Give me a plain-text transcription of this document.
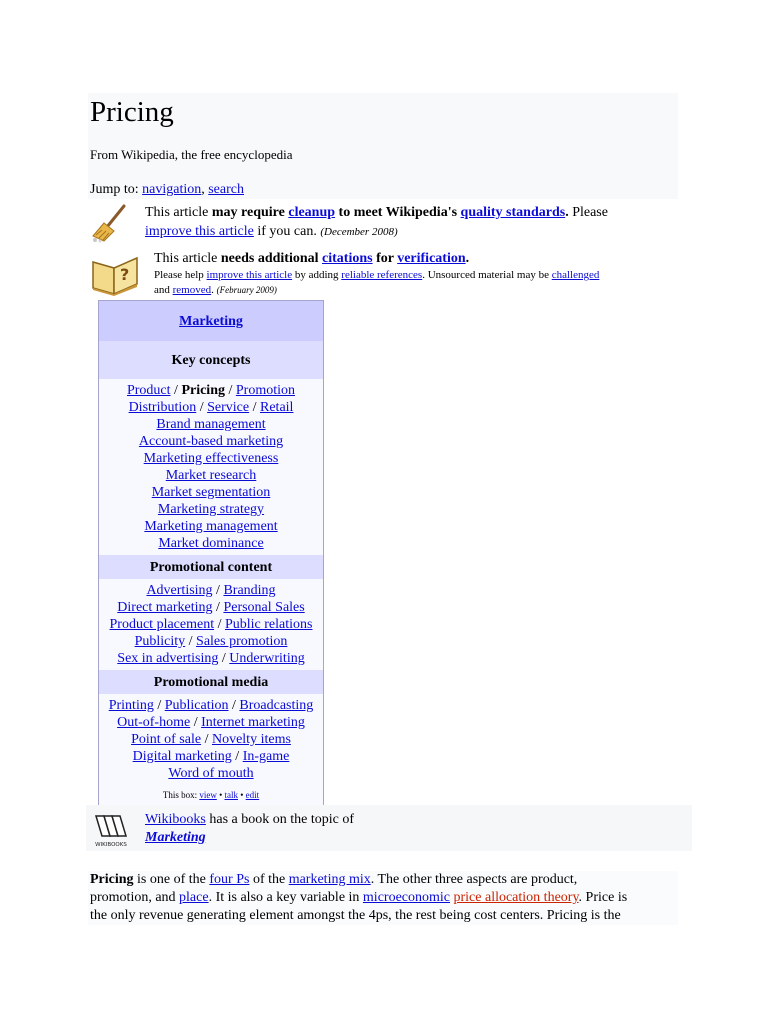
Pricing
From Wikipedia, the free encyclopedia
Jump to: navigation, search
This article may require cleanup to meet Wikipedia's quality standards. Please
improve this article if you can. (December 2008)
?
This article needs additional citations for verification.
Please help improve this article by adding reliable references. Unsourced material may be challenged
and removed. (February 2009)
Marketing
Key concepts
Product / Pricing / Promotion
Distribution / Service / Retail
Brand management
Account-based marketing
Marketing effectiveness
Market research
Market segmentation
Marketing strategy
Marketing management
Market dominance
Promotional content
Advertising / Branding
Direct marketing / Personal Sales
Product placement / Public relations
Publicity / Sales promotion
Sex in advertising / Underwriting
Promotional media
Printing / Publication / Broadcasting
Out-of-home / Internet marketing
Point of sale / Novelty items
Digital marketing / In-game
Word of mouth
This box: view • talk • edit
WIKIBOOKS
Wikibooks has a book on the topic of
Marketing
Pricing is one of the four Ps of the marketing mix. The other three aspects are product,
promotion, and place. It is also a key variable in microeconomic price allocation theory. Price is
the only revenue generating element amongst the 4ps, the rest being cost centers. Pricing is the
